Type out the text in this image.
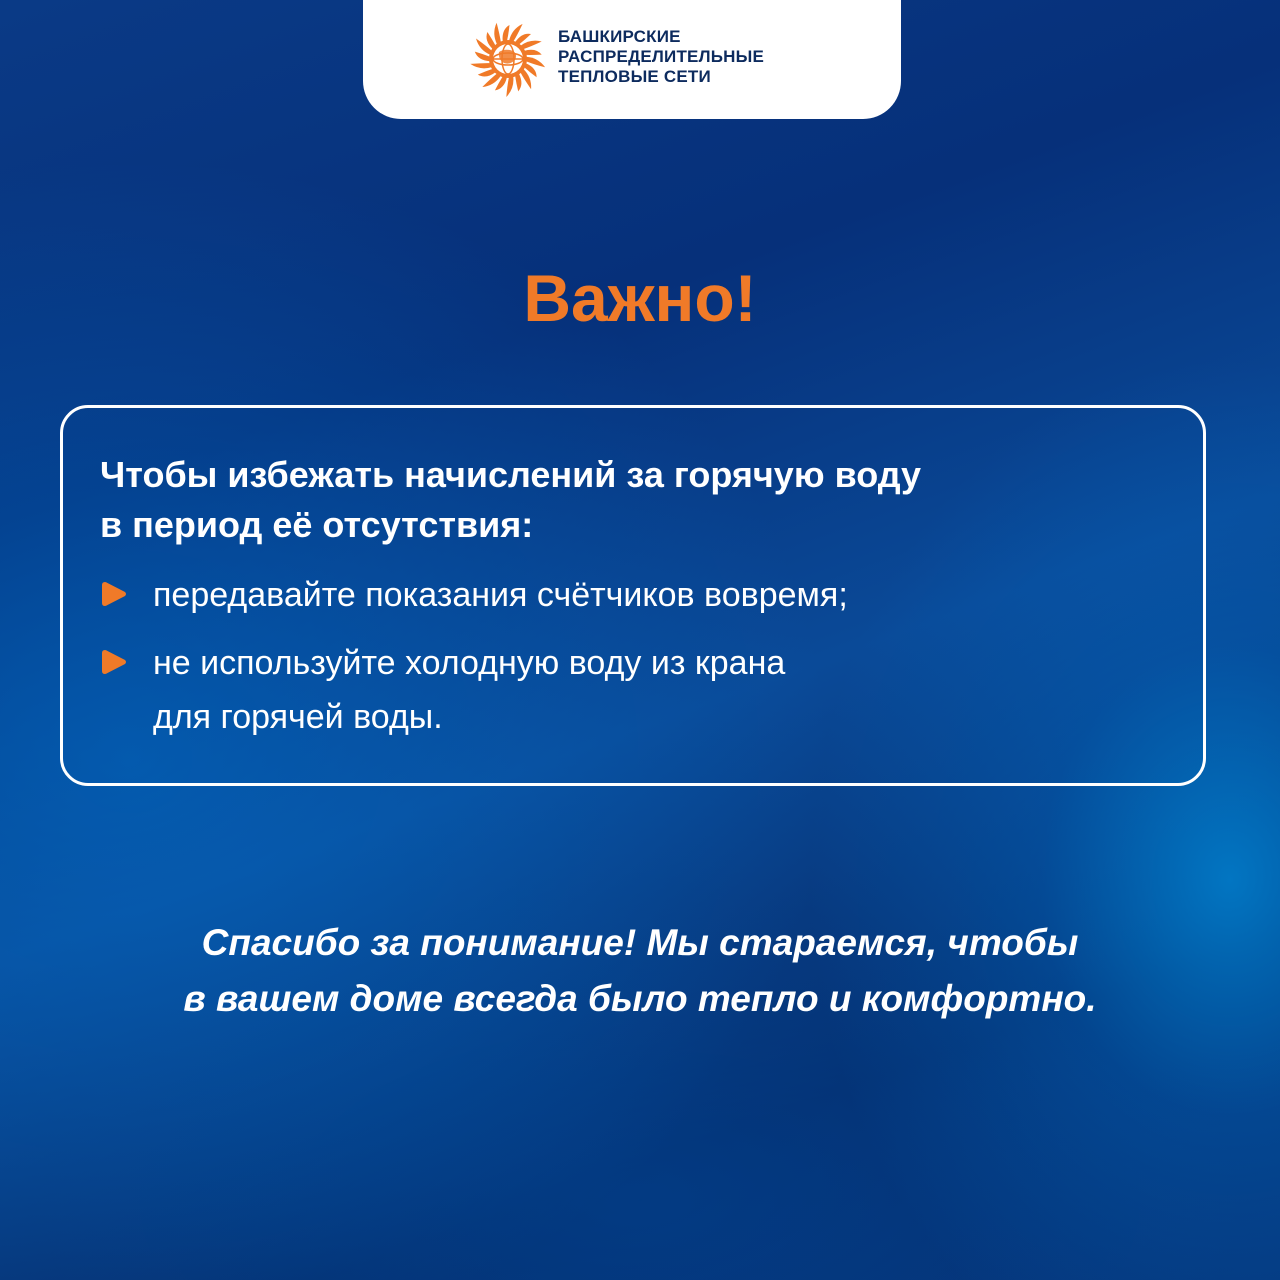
БАШКИРСКИЕ
РАСПРЕДЕЛИТЕЛЬНЫЕ
ТЕПЛОВЫЕ СЕТИ
Важно!
Чтобы избежать начислений за горячую воду
в период её отсутствия:
передавайте показания счётчиков вовремя;
не используйте холодную воду из крана
для горячей воды.
Спасибо за понимание! Мы стараемся, чтобы
в вашем доме всегда было тепло и комфортно.
